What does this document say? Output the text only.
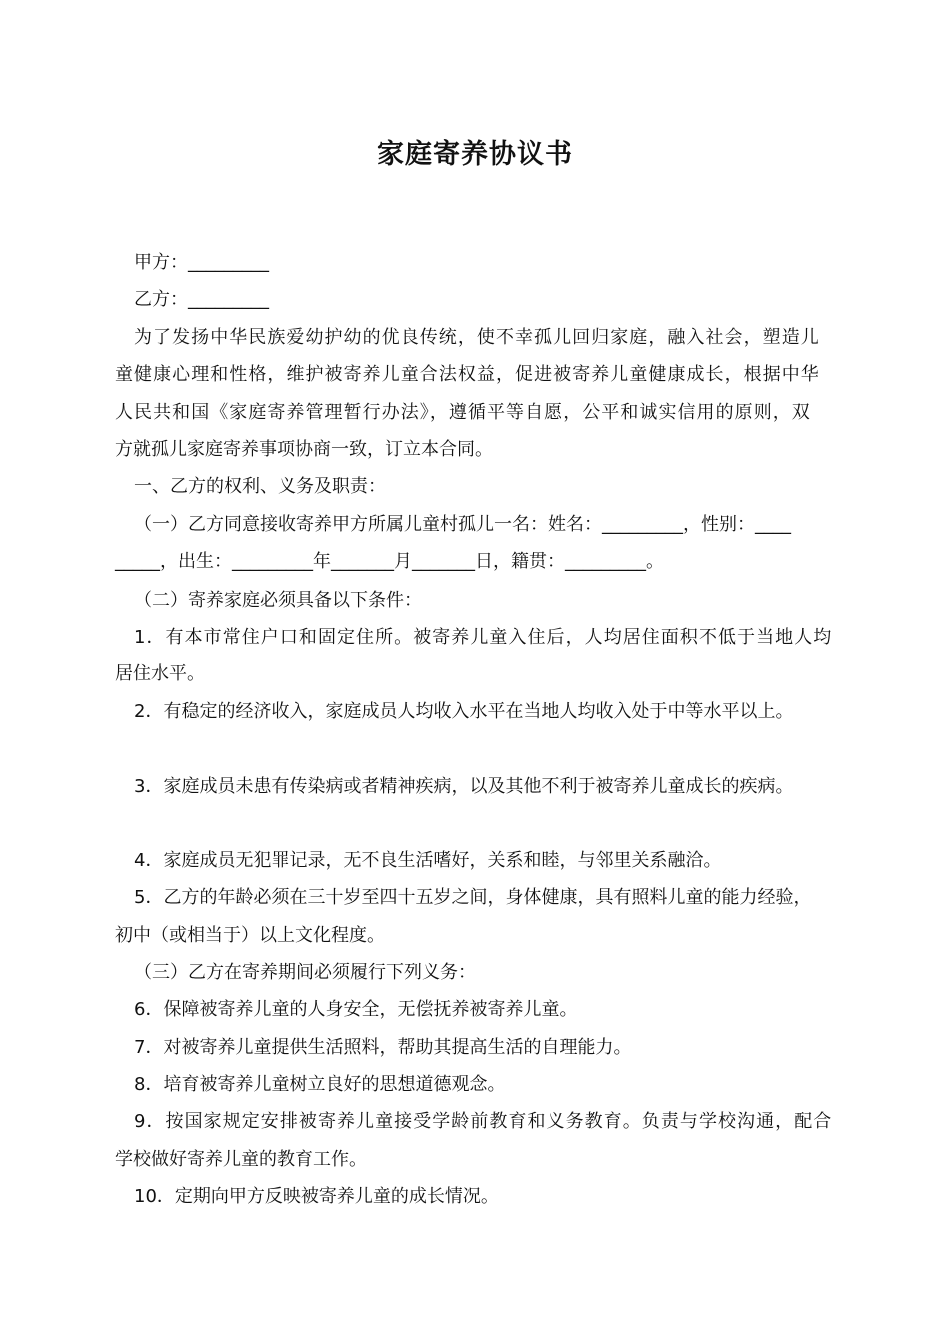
家庭寄养协议书
甲方：_________
乙方：_________
为了发扬中华民族爱幼护幼的优良传统，使不幸孤儿回归家庭，融入社会，塑造儿
童健康心理和性格，维护被寄养儿童合法权益，促进被寄养儿童健康成长，根据中华
人民共和国《家庭寄养管理暂行办法》，遵循平等自愿，公平和诚实信用的原则，双
方就孤儿家庭寄养事项协商一致，订立本合同。
一、乙方的权利、义务及职责：
（一）乙方同意接收寄养甲方所属儿童村孤儿一名：姓名：_________，性别：____
_____，出生：_________年_______月_______日，籍贯：_________。
（二）寄养家庭必须具备以下条件：
1．有本市常住户口和固定住所。被寄养儿童入住后，人均居住面积不低于当地人均
居住水平。
2．有稳定的经济收入，家庭成员人均收入水平在当地人均收入处于中等水平以上。
3．家庭成员未患有传染病或者精神疾病，以及其他不利于被寄养儿童成长的疾病。
4．家庭成员无犯罪记录，无不良生活嗜好，关系和睦，与邻里关系融洽。
5．乙方的年龄必须在三十岁至四十五岁之间，身体健康，具有照料儿童的能力经验，
初中（或相当于）以上文化程度。
（三）乙方在寄养期间必须履行下列义务：
6．保障被寄养儿童的人身安全，无偿抚养被寄养儿童。
7．对被寄养儿童提供生活照料，帮助其提高生活的自理能力。
8．培育被寄养儿童树立良好的思想道德观念。
9．按国家规定安排被寄养儿童接受学龄前教育和义务教育。负责与学校沟通，配合
学校做好寄养儿童的教育工作。
10．定期向甲方反映被寄养儿童的成长情况。
